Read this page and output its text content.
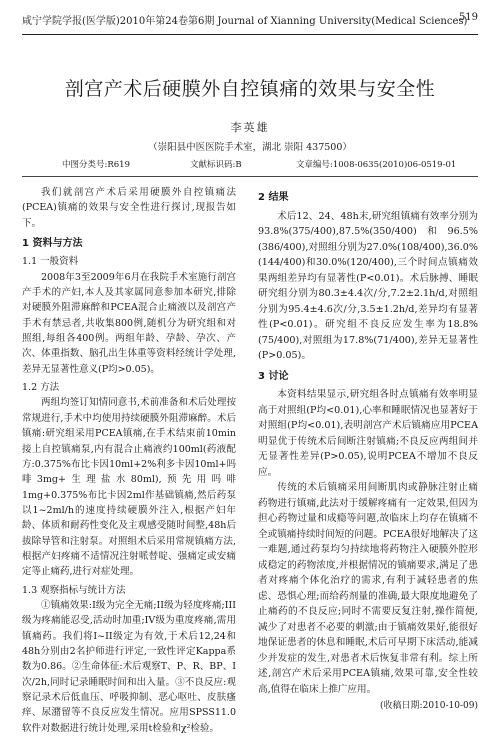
咸宁学院学报(医学版)2010年第24卷第6期 Journal of Xianning University(Medical Sciences)
519
剖宫产术后硬膜外自控镇痛的效果与安全性
李英雄
（崇阳县中医医院手术室，湖北 崇阳 437500）
中图分类号:R619	文献标识码:B	文章编号:1008-0635(2010)06-0519-01

我们就剖宫产术后采用硬膜外自控镇痛法(PCEA)镇痛的效果与安全性进行探讨,现报告如下。

1 资料与方法

1.1 一般资料

2008年3至2009年6月在我院手术室施行剖宫产手术的产妇,本人及其家属同意参加本研究,排除对硬膜外阻滞麻醉和PCEA混合止痛液以及剖宫产手术有禁忌者,共收集800例,随机分为研究组和对照组,每组各400例。两组年龄、孕龄、孕次、产次、体重指数、脑孔出生体重等资料经统计学处理,差异无显著性意义(P均>0.05)。

1.2 方法

两组均签订知情同意书,术前准备和术后处理按常规进行,手术中均使用持续硬膜外阻滞麻醉。术后镇痛:研究组采用PCEA镇痛,在手术结束前10min接上自控镇痛泵,内有混合止痛液约100ml(药液配方:0.375%布比卡因10ml+2%利多卡因10ml+吗啡3mg+生理盐水80ml),预先用吗啡1mg+0.375%布比卡因2ml作基础镇痛,然后药泵以1~2ml/h的速度持续硬膜外注入,根据产妇年龄、体质和耐药性变化及主观感受随时间整,48h后拔除导管和注射泵。对照组术后采用常规镇痛方法,根据产妇疼痛不适情况注射哌替啶、强痛定或安痛定等止痛药,进行对症处理。

1.3 观察指标与统计方法

①镇痛效果:I级为完全无痛;II级为轻度疼痛;III级为疼痛能忍受,活动时加重;IV级为重度疼痛,需用镇痛药。我们将I~II级定为有效,于术后12,24和48h分别由2名护师进行评定,一致性评定Kappa系数为0.86。②生命体征:术后观察T、P、R、BP、I次/2h,同时记录睡眠时间和出入量。③不良反应:观察记录术后低血压、呼吸抑制、恶心呕吐、皮肤瘙痒、尿潴留等不良反应发生情况。应用SPSS11.0软件对数据进行统计处理,采用t检验和χ²检验。

2 结果

术后12、24、48h末,研究组镇痛有效率分别为93.8%(375/400),87.5%(350/400)和96.5%(386/400),对照组分别为27.0%(108/400),36.0%(144/400)和30.0%(120/400),三个时间点镇痛效果两组差异均有显著性(P<0.01)。术后脉搏、睡眠研究组分别为80.3±4.4次/分,7.2±2.1h/d,对照组分别为95.4±4.6次/分,3.5±1.2h/d,差异均有显著性(P<0.01)。研究组不良反应发生率为18.8%(75/400),对照组为17.8%(71/400),差异无显著性(P>0.05)。

3 讨论

本资料结果显示,研究组各时点镇痛有效率明显高于对照组(P均<0.01),心率和睡眠情况也显著好于对照组(P均<0.01),表明剖宫产术后镇痛应用PCEA明显优于传统术后间断注射镇痛;不良反应两组间并无显著性差异(P>0.05),说明PCEA不增加不良反应。

传统的术后镇痛采用间断肌肉或静脉注射止痛药物进行镇痛,此法对于缓解疼痛有一定效果,但因为担心药物过量和成瘾等问题,故临床上均存在镇痛不全或镇痛持续时间短的问题。PCEA很好地解决了这一难题,通过药泵均匀持续地将药物注入硬膜外腔形成稳定的药物浓度,并根据情况的镇痛要求,满足了患者对疼痛个体化治疗的需求,有利于减轻患者的焦虑、恐惧心理;而给药剂量的准确,最大限度地避免了止痛药的不良反应;同时不需要反复注射,操作简便,减少了对患者不必要的刺激;由于镇痛效果好,能很好地保证患者的休息和睡眠,术后可早期下床活动,能减少并发症的发生,对患者术后恢复非常有利。综上所述,剖宫产术后采用PCEA镇痛,效果可靠,安全性较高,值得在临床上推广应用。

(收稿日期:2010-10-09)
